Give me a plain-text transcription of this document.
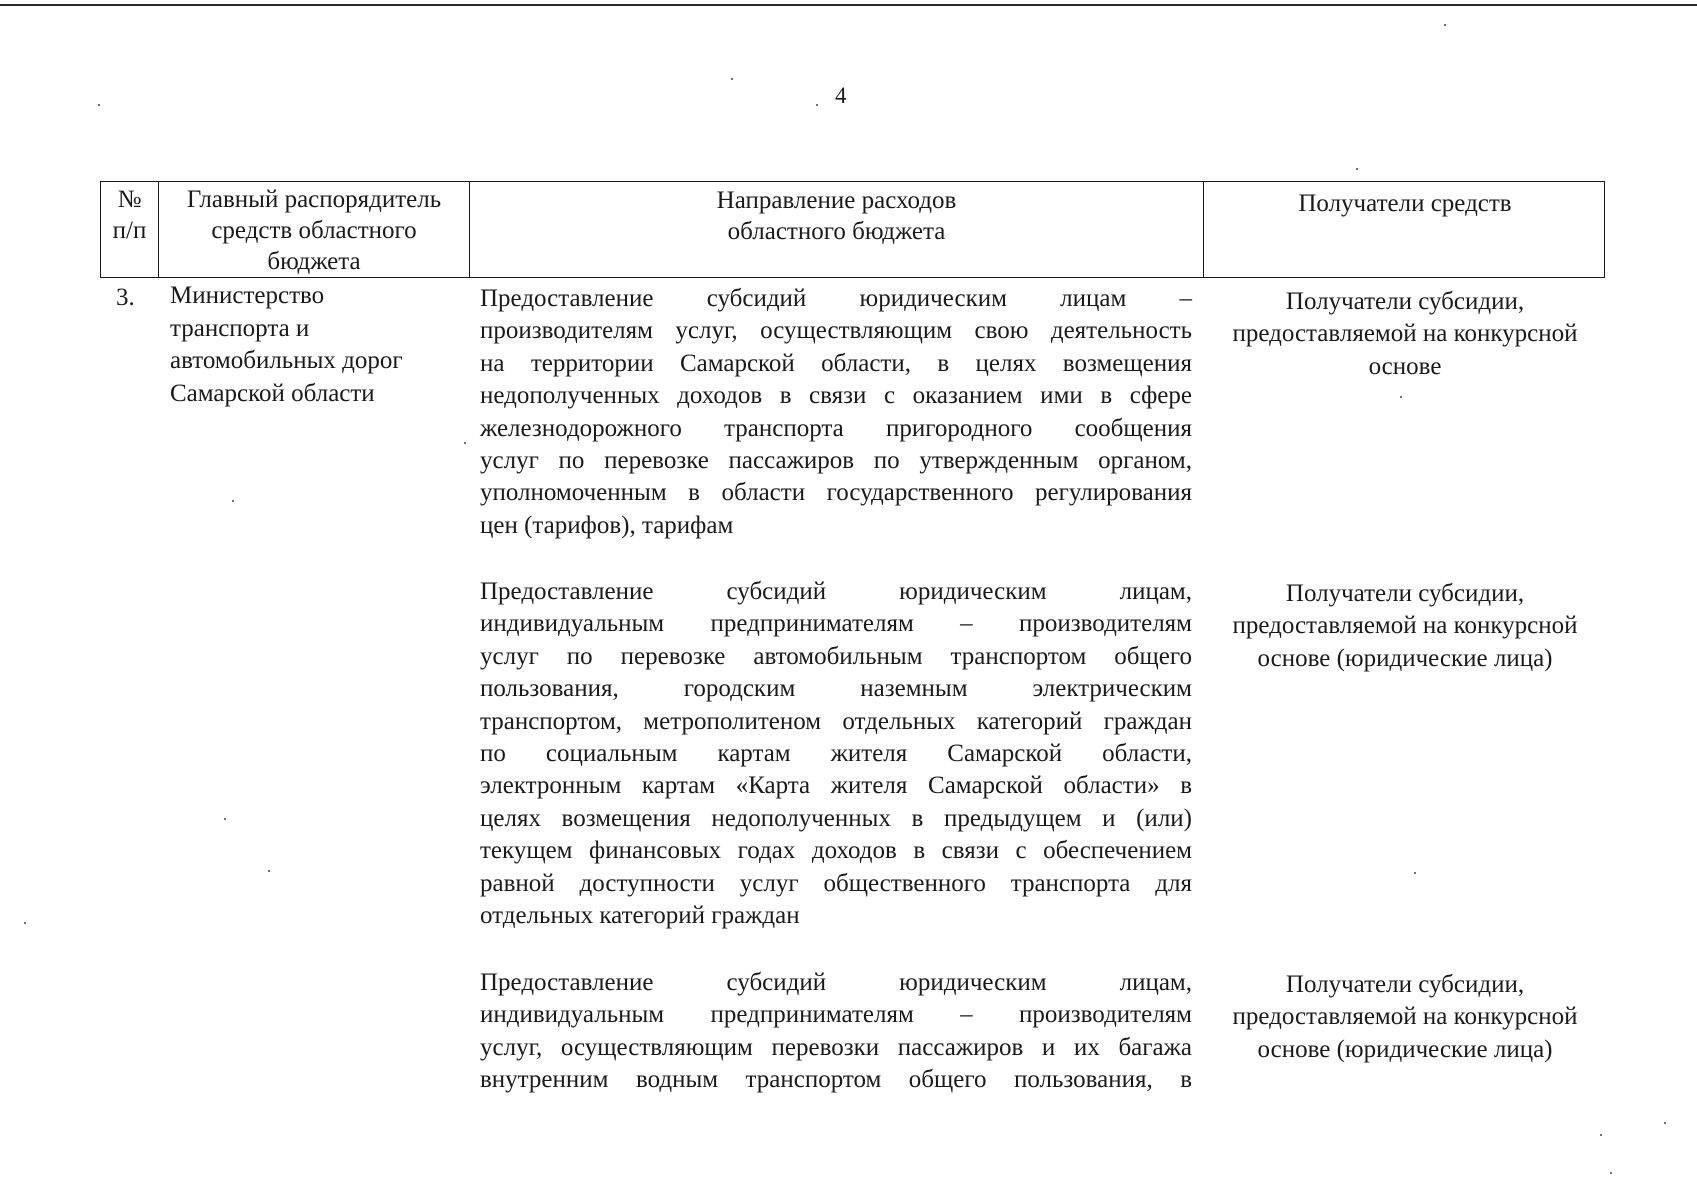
4
№
п/п
Главный распорядитель
средств областного
бюджета
Направление расходов
областного бюджета
Получатели средств
3. Министерство
транспорта и
автомобильных дорог
Самарской области
Предоставление субсидий юридическим лицам –
производителям услуг, осуществляющим свою деятельность
на территории Самарской области, в целях возмещения
недополученных доходов в связи с оказанием ими в сфере
железнодорожного транспорта пригородного сообщения
услуг по перевозке пассажиров по утвержденным органом,
уполномоченным в области государственного регулирования
цен (тарифов), тарифам
Получатели субсидии,
предоставляемой на конкурсной
основе
Предоставление субсидий юридическим лицам,
индивидуальным предпринимателям – производителям
услуг по перевозке автомобильным транспортом общего
пользования, городским наземным электрическим
транспортом, метрополитеном отдельных категорий граждан
по социальным картам жителя Самарской области,
электронным картам «Карта жителя Самарской области» в
целях возмещения недополученных в предыдущем и (или)
текущем финансовых годах доходов в связи с обеспечением
равной доступности услуг общественного транспорта для
отдельных категорий граждан
Получатели субсидии,
предоставляемой на конкурсной
основе (юридические лица)
Предоставление субсидий юридическим лицам,
индивидуальным предпринимателям – производителям
услуг, осуществляющим перевозки пассажиров и их багажа
внутренним водным транспортом общего пользования, в
Получатели субсидии,
предоставляемой на конкурсной
основе (юридические лица)
